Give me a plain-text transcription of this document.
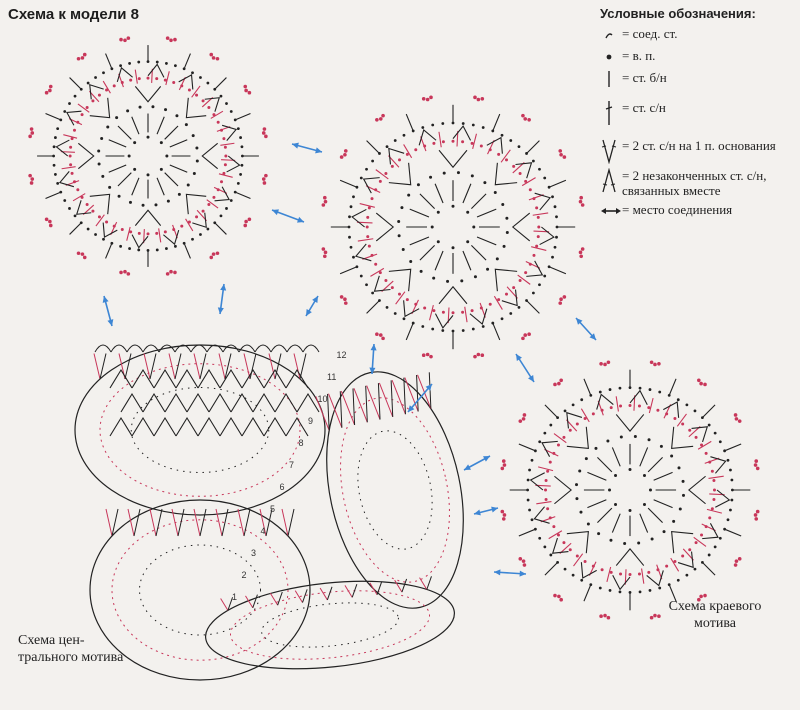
1
2
3
4
5
6
7
8
9
10
11
12
Схема к модели 8	Условные обозначения:
= соед. ст.
= в. п.
= ст. б/н
= ст. с/н
= 2 ст. с/н на 1 п. основания
= 2 незаконченных ст. с/н, связанных вместе
= место соединения
Схема цен-трального мотива
Схема краевого мотива
